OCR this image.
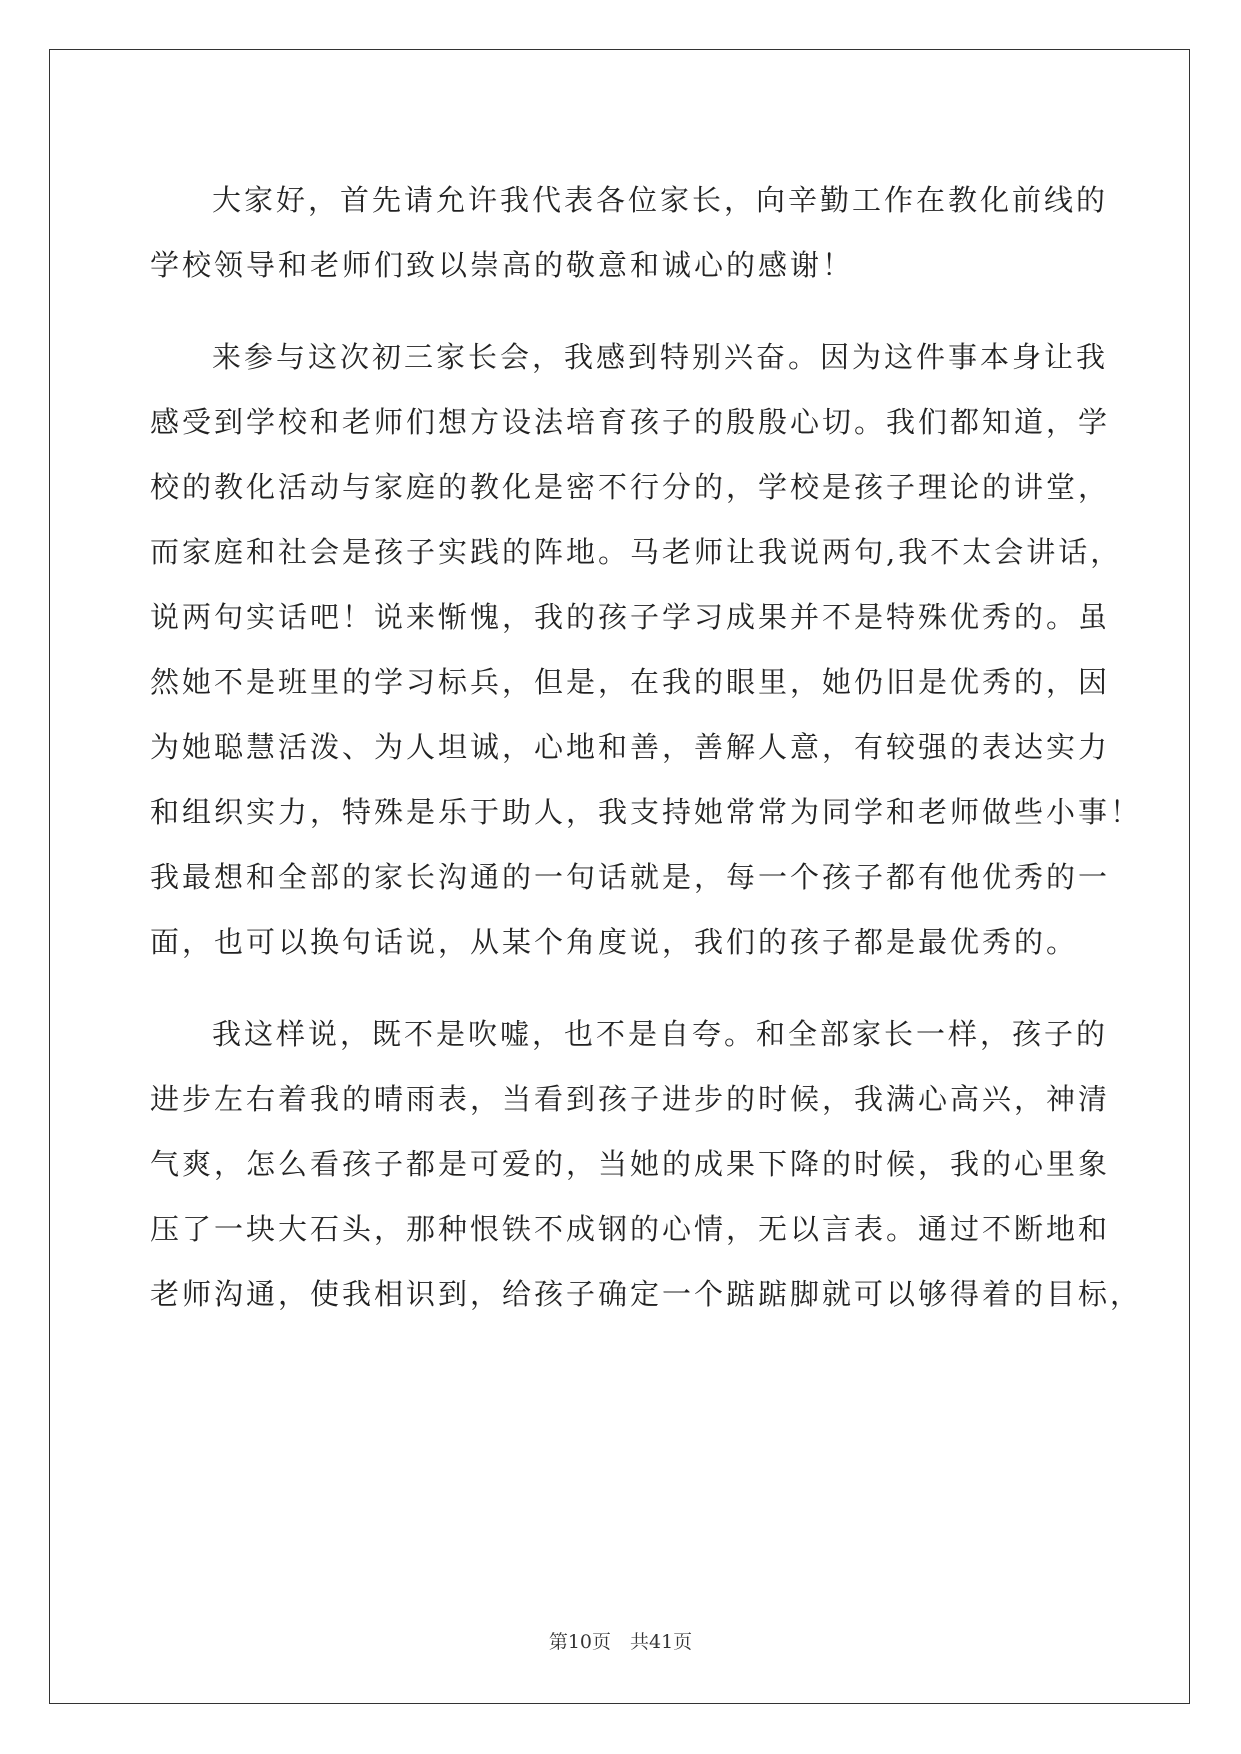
大家好，首先请允许我代表各位家长，向辛勤工作在教化前线的
学校领导和老师们致以崇高的敬意和诚心的感谢！
来参与这次初三家长会，我感到特别兴奋。因为这件事本身让我
感受到学校和老师们想方设法培育孩子的殷殷心切。我们都知道，学
校的教化活动与家庭的教化是密不行分的，学校是孩子理论的讲堂，
而家庭和社会是孩子实践的阵地。马老师让我说两句,我不太会讲话，
说两句实话吧！说来惭愧，我的孩子学习成果并不是特殊优秀的。虽
然她不是班里的学习标兵，但是，在我的眼里，她仍旧是优秀的，因
为她聪慧活泼、为人坦诚，心地和善，善解人意，有较强的表达实力
和组织实力，特殊是乐于助人，我支持她常常为同学和老师做些小事！
我最想和全部的家长沟通的一句话就是，每一个孩子都有他优秀的一
面，也可以换句话说，从某个角度说，我们的孩子都是最优秀的。
我这样说，既不是吹嘘，也不是自夸。和全部家长一样，孩子的
进步左右着我的晴雨表，当看到孩子进步的时候，我满心高兴，神清
气爽，怎么看孩子都是可爱的，当她的成果下降的时候，我的心里象
压了一块大石头，那种恨铁不成钢的心情，无以言表。通过不断地和
老师沟通，使我相识到，给孩子确定一个踮踮脚就可以够得着的目标，
第10页　共41页
